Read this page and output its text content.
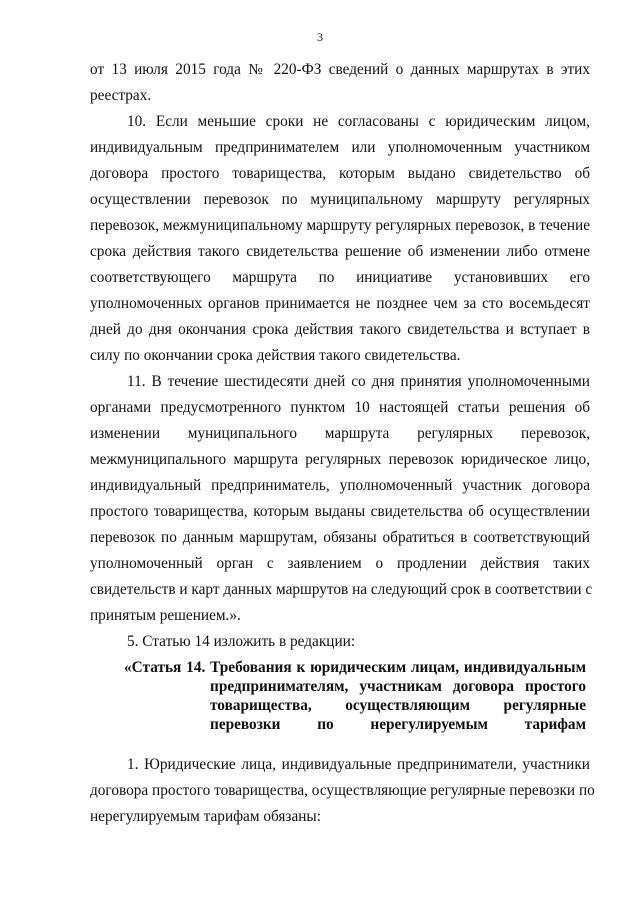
3
от 13 июля 2015 года № 220-ФЗ сведений о данных маршрутах в этих
реестрах.
10. Если меньшие сроки не согласованы с юридическим лицом,
индивидуальным предпринимателем или уполномоченным участником
договора простого товарищества, которым выдано свидетельство об
осуществлении перевозок по муниципальному маршруту регулярных
перевозок, межмуниципальному маршруту регулярных перевозок, в течение
срока действия такого свидетельства решение об изменении либо отмене
соответствующего маршрута по инициативе установивших его
уполномоченных органов принимается не позднее чем за сто восемьдесят
дней до дня окончания срока действия такого свидетельства и вступает в
силу по окончании срока действия такого свидетельства.
11. В течение шестидесяти дней со дня принятия уполномоченными
органами предусмотренного пунктом 10 настоящей статьи решения об
изменении муниципального маршрута регулярных перевозок,
межмуниципального маршрута регулярных перевозок юридическое лицо,
индивидуальный предприниматель, уполномоченный участник договора
простого товарищества, которым выданы свидетельства об осуществлении
перевозок по данным маршрутам, обязаны обратиться в соответствующий
уполномоченный орган с заявлением о продлении действия таких
свидетельств и карт данных маршрутов на следующий срок в соответствии с
принятым решением.».
5. Статью 14 изложить в редакции:
«Статья 14. Требования к юридическим лицам, индивидуальным
предпринимателям, участникам договора простого
товарищества, осуществляющим регулярные
перевозки по нерегулируемым тарифам
1. Юридические лица, индивидуальные предприниматели, участники
договора простого товарищества, осуществляющие регулярные перевозки по
нерегулируемым тарифам обязаны:
